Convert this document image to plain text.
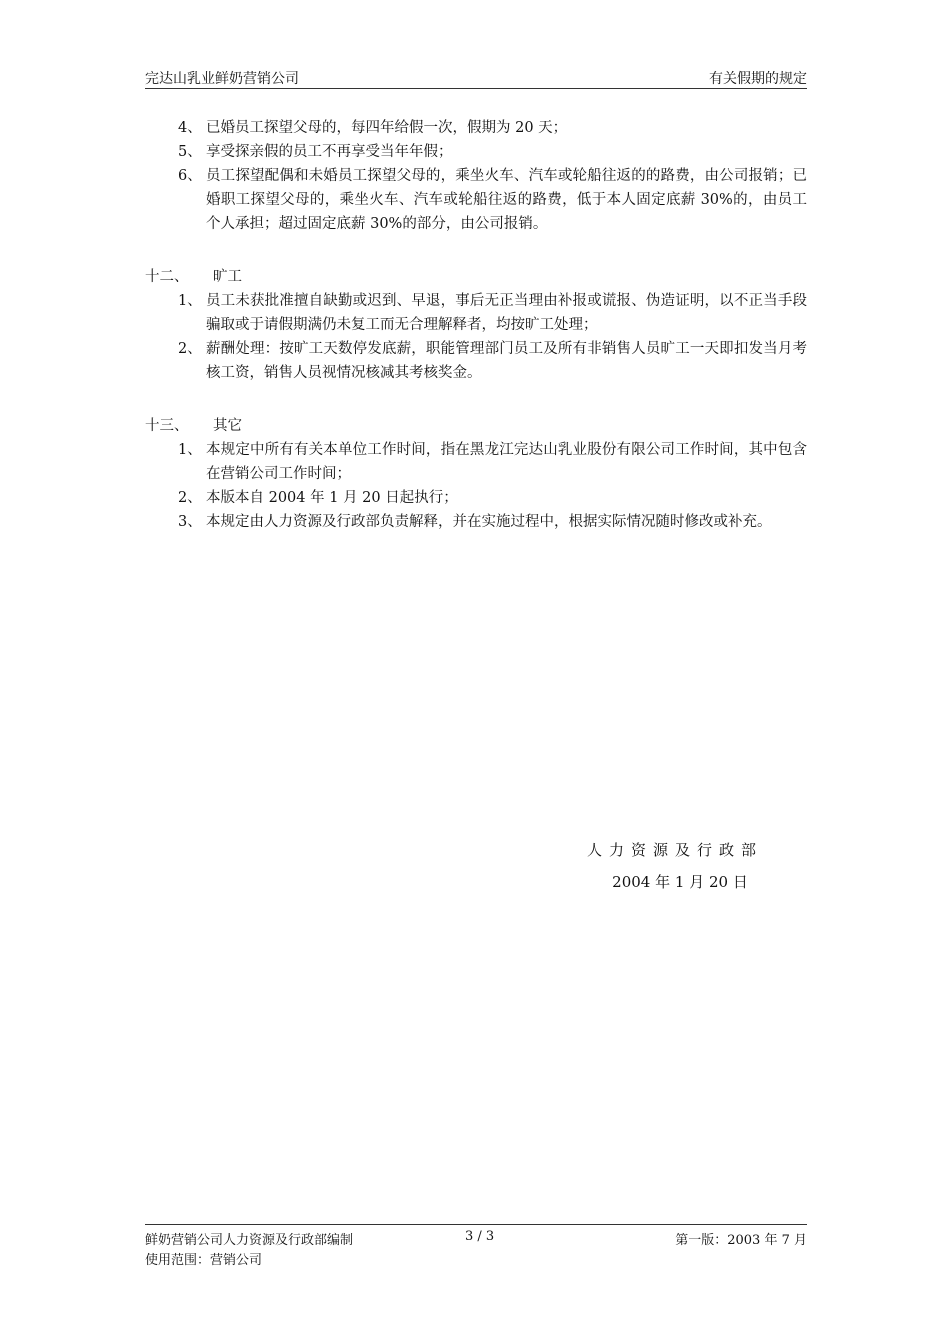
完达山乳业鲜奶营销公司	有关假期的规定
4、 已婚员工探望父母的，每四年给假一次，假期为 20 天；
5、 享受探亲假的员工不再享受当年年假；
6、 员工探望配偶和未婚员工探望父母的，乘坐火车、汽车或轮船往返的的路费，由公司报销；已婚职工探望父母的，乘坐火车、汽车或轮船往返的路费，低于本人固定底薪 30%的，由员工个人承担；超过固定底薪 30%的部分，由公司报销。
十二、 旷工
1、 员工未获批准擅自缺勤或迟到、早退，事后无正当理由补报或谎报、伪造证明，以不正当手段骗取或于请假期满仍未复工而无合理解释者，均按旷工处理；
2、 薪酬处理：按旷工天数停发底薪，职能管理部门员工及所有非销售人员旷工一天即扣发当月考核工资，销售人员视情况核减其考核奖金。
十三、 其它
1、 本规定中所有有关本单位工作时间，指在黑龙江完达山乳业股份有限公司工作时间，其中包含在营销公司工作时间；
2、 本版本自 2004 年 1 月 20 日起执行；
3、 本规定由人力资源及行政部负责解释，并在实施过程中，根据实际情况随时修改或补充。
人力资源及行政部
2004 年 1 月 20 日
鲜奶营销公司人力资源及行政部编制
使用范围：营销公司
3 / 3	第一版：2003 年 7 月
